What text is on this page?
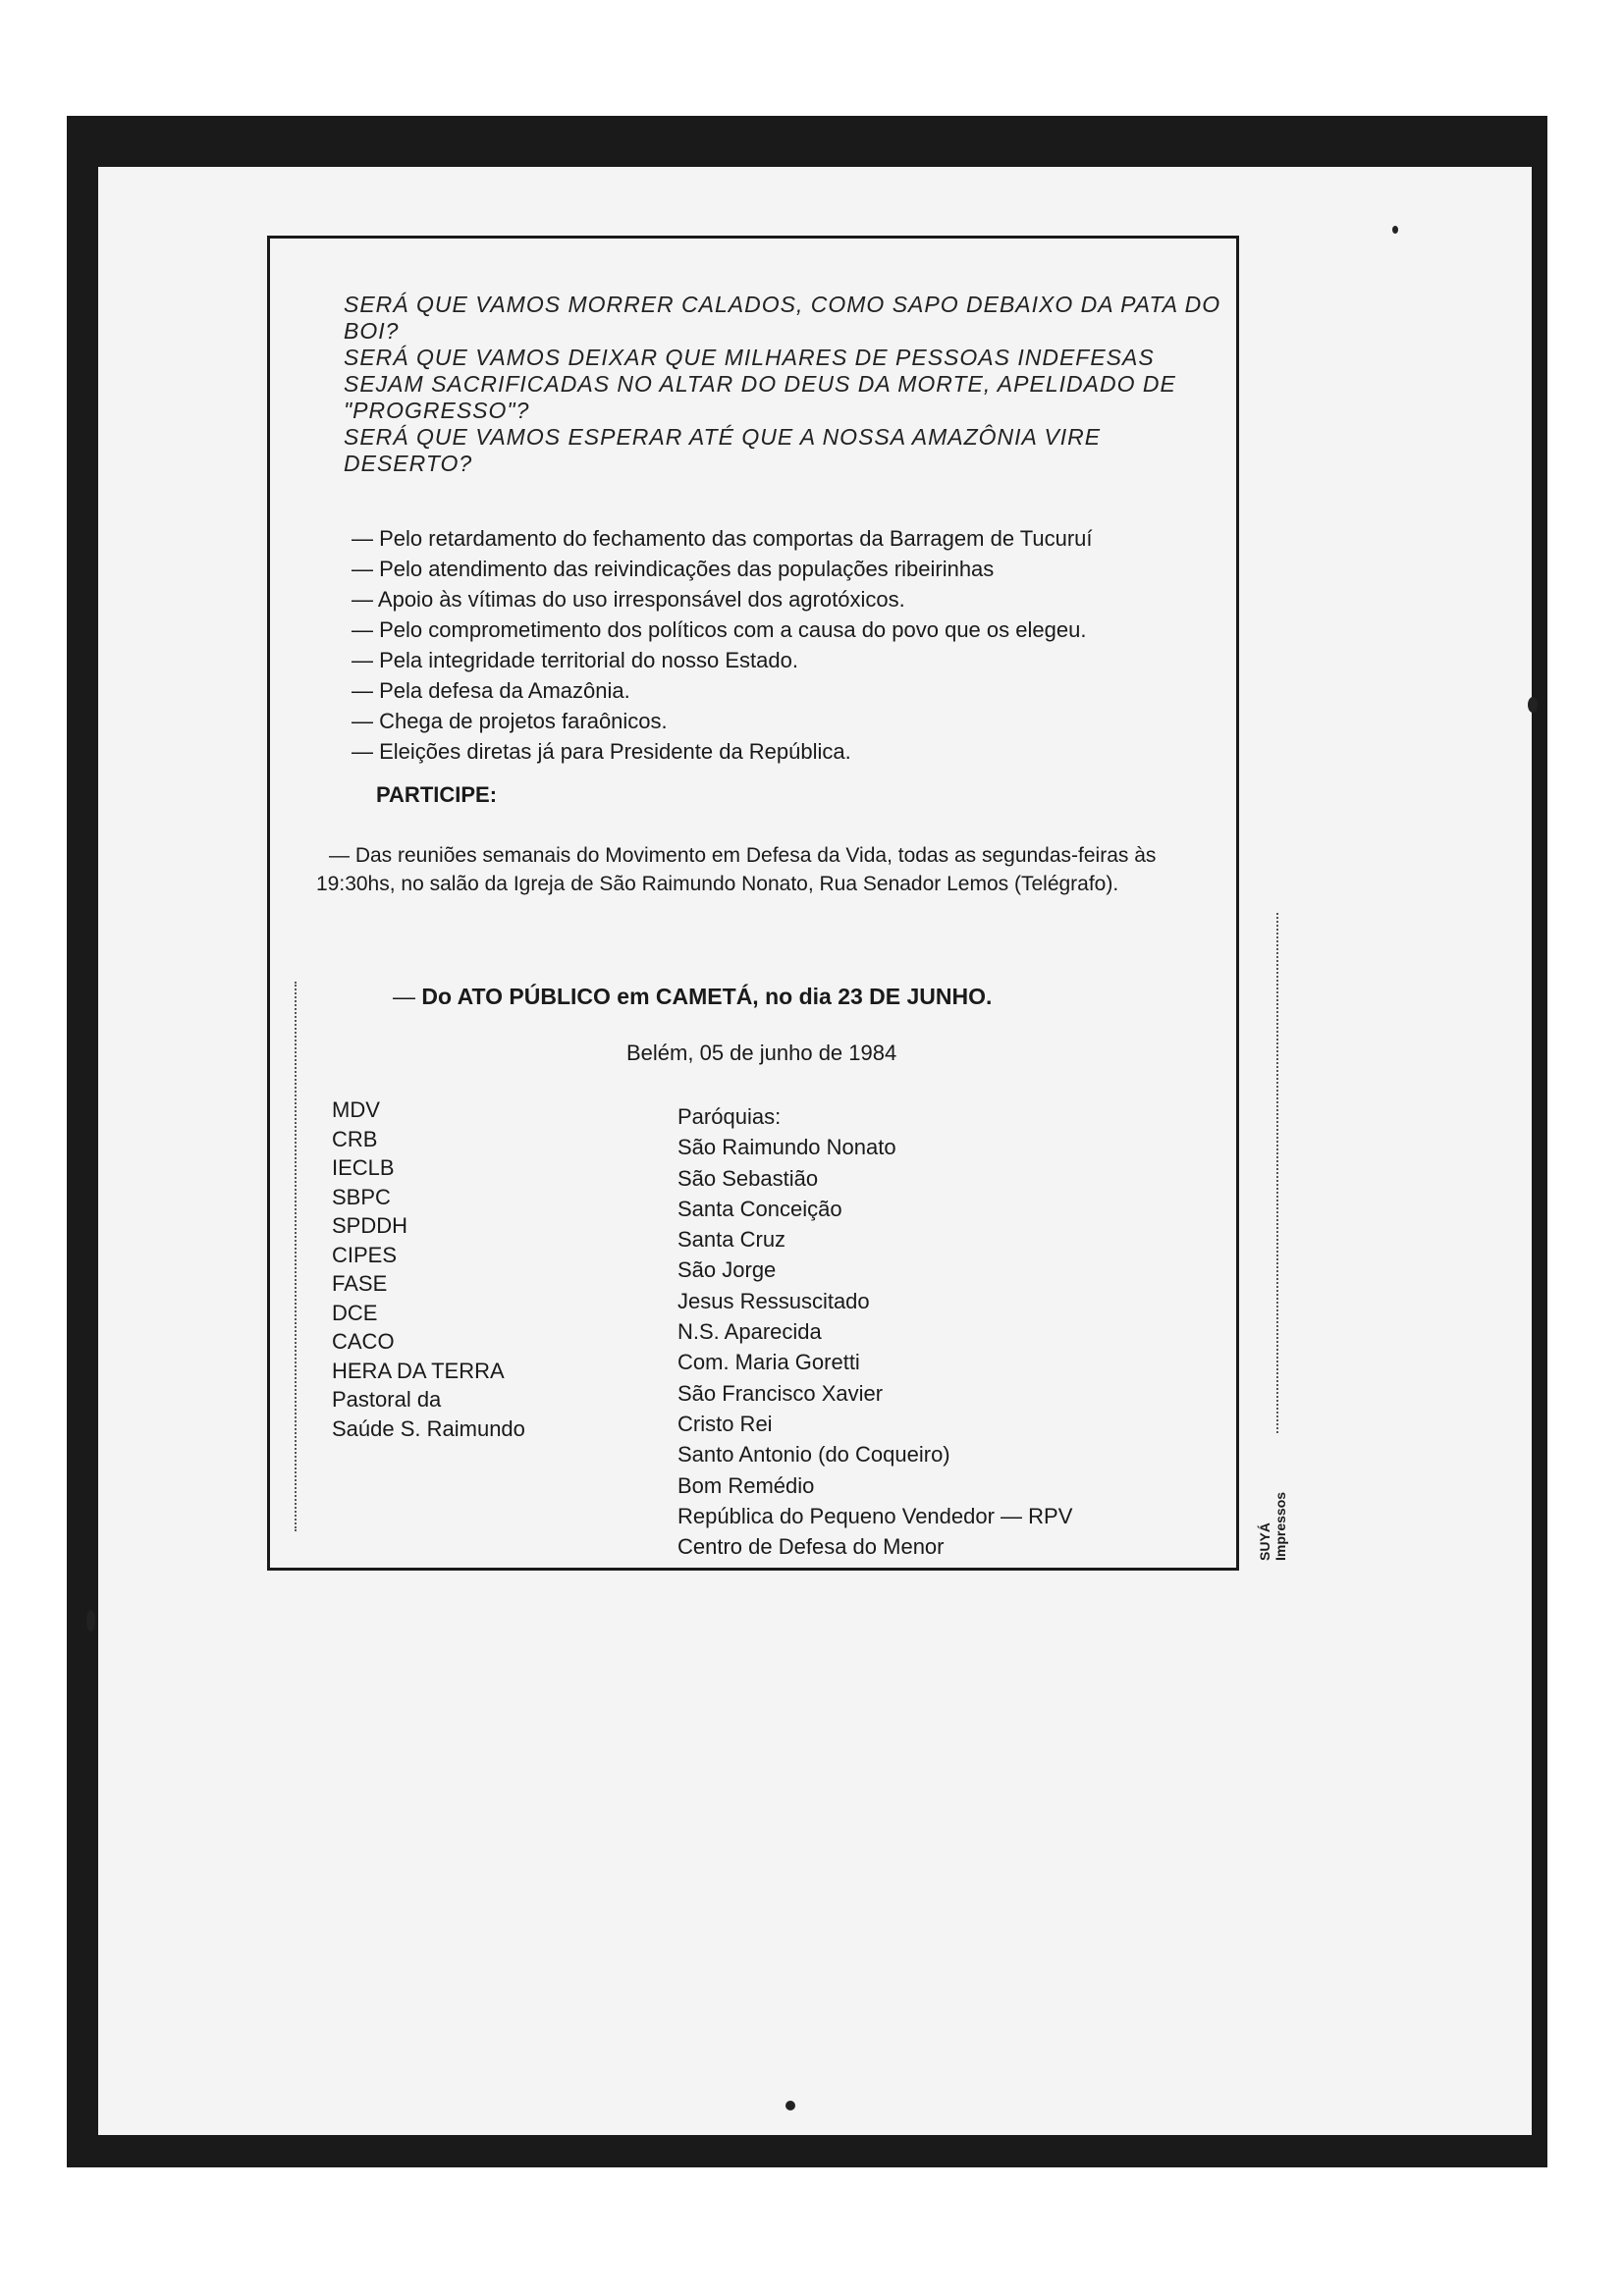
SERÁ QUE VAMOS MORRER CALADOS, COMO SAPO DEBAIXO DA PATA DO BOI?

SERÁ QUE VAMOS DEIXAR QUE MILHARES DE PESSOAS INDEFESAS SEJAM SACRIFICADAS NO ALTAR DO DEUS DA MORTE, APELIDADO DE "PROGRESSO"?

SERÁ QUE VAMOS ESPERAR ATÉ QUE A NOSSA AMAZÔNIA VIRE DESERTO?

— Pelo retardamento do fechamento das comportas da Barragem de Tucuruí
— Pelo atendimento das reivindicações das populações ribeirinhas
— Apoio às vítimas do uso irresponsável dos agrotóxicos.
— Pelo comprometimento dos políticos com a causa do povo que os elegeu.
— Pela integridade territorial do nosso Estado.
— Pela defesa da Amazônia.
— Chega de projetos faraônicos.
— Eleições diretas já para Presidente da República.
PARTICIPE:
— Das reuniões semanais do Movimento em Defesa da Vida, todas as segundas-feiras às 19:30hs, no salão da Igreja de São Raimundo Nonato, Rua Senador Lemos (Telégrafo).
— Do ATO PÚBLICO em CAMETÁ, no dia 23 DE JUNHO.
Belém, 05 de junho de 1984
MDV
CRB
IECLB
SBPC
SPDDH
CIPES
FASE
DCE
CACO
HERA DA TERRA
Pastoral da
Saúde S. Raimundo
Paróquias:
São Raimundo Nonato
São Sebastião
Santa Conceição
Santa Cruz
São Jorge
Jesus Ressuscitado
N.S. Aparecida
Com. Maria Goretti
São Francisco Xavier
Cristo Rei
Santo Antonio (do Coqueiro)
Bom Remédio
República do Pequeno Vendedor — RPV
Centro de Defesa do Menor	SUYÁ Impressos
